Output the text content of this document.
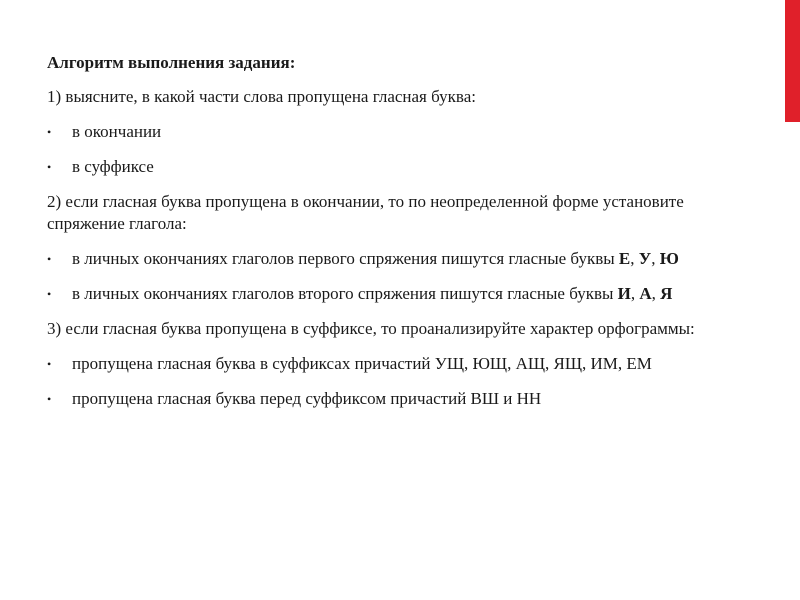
Алгоритм выполнения задания:

1) выясните, в какой части слова пропущена гласная буква:

• в окончании
• в суффиксе

2) если гласная буква пропущена в окончании, то по неопределенной форме установите спряжение глагола:

• в личных окончаниях глаголов первого спряжения пишутся гласные буквы Е, У, Ю
• в личных окончаниях глаголов второго спряжения пишутся гласные буквы И, А, Я

3) если гласная буква пропущена в суффиксе, то проанализируйте характер орфограммы:

• пропущена гласная буква в суффиксах причастий УЩ, ЮЩ, АЩ, ЯЩ, ИМ, ЕМ
• пропущена гласная буква перед суффиксом причастий ВШ и НН
